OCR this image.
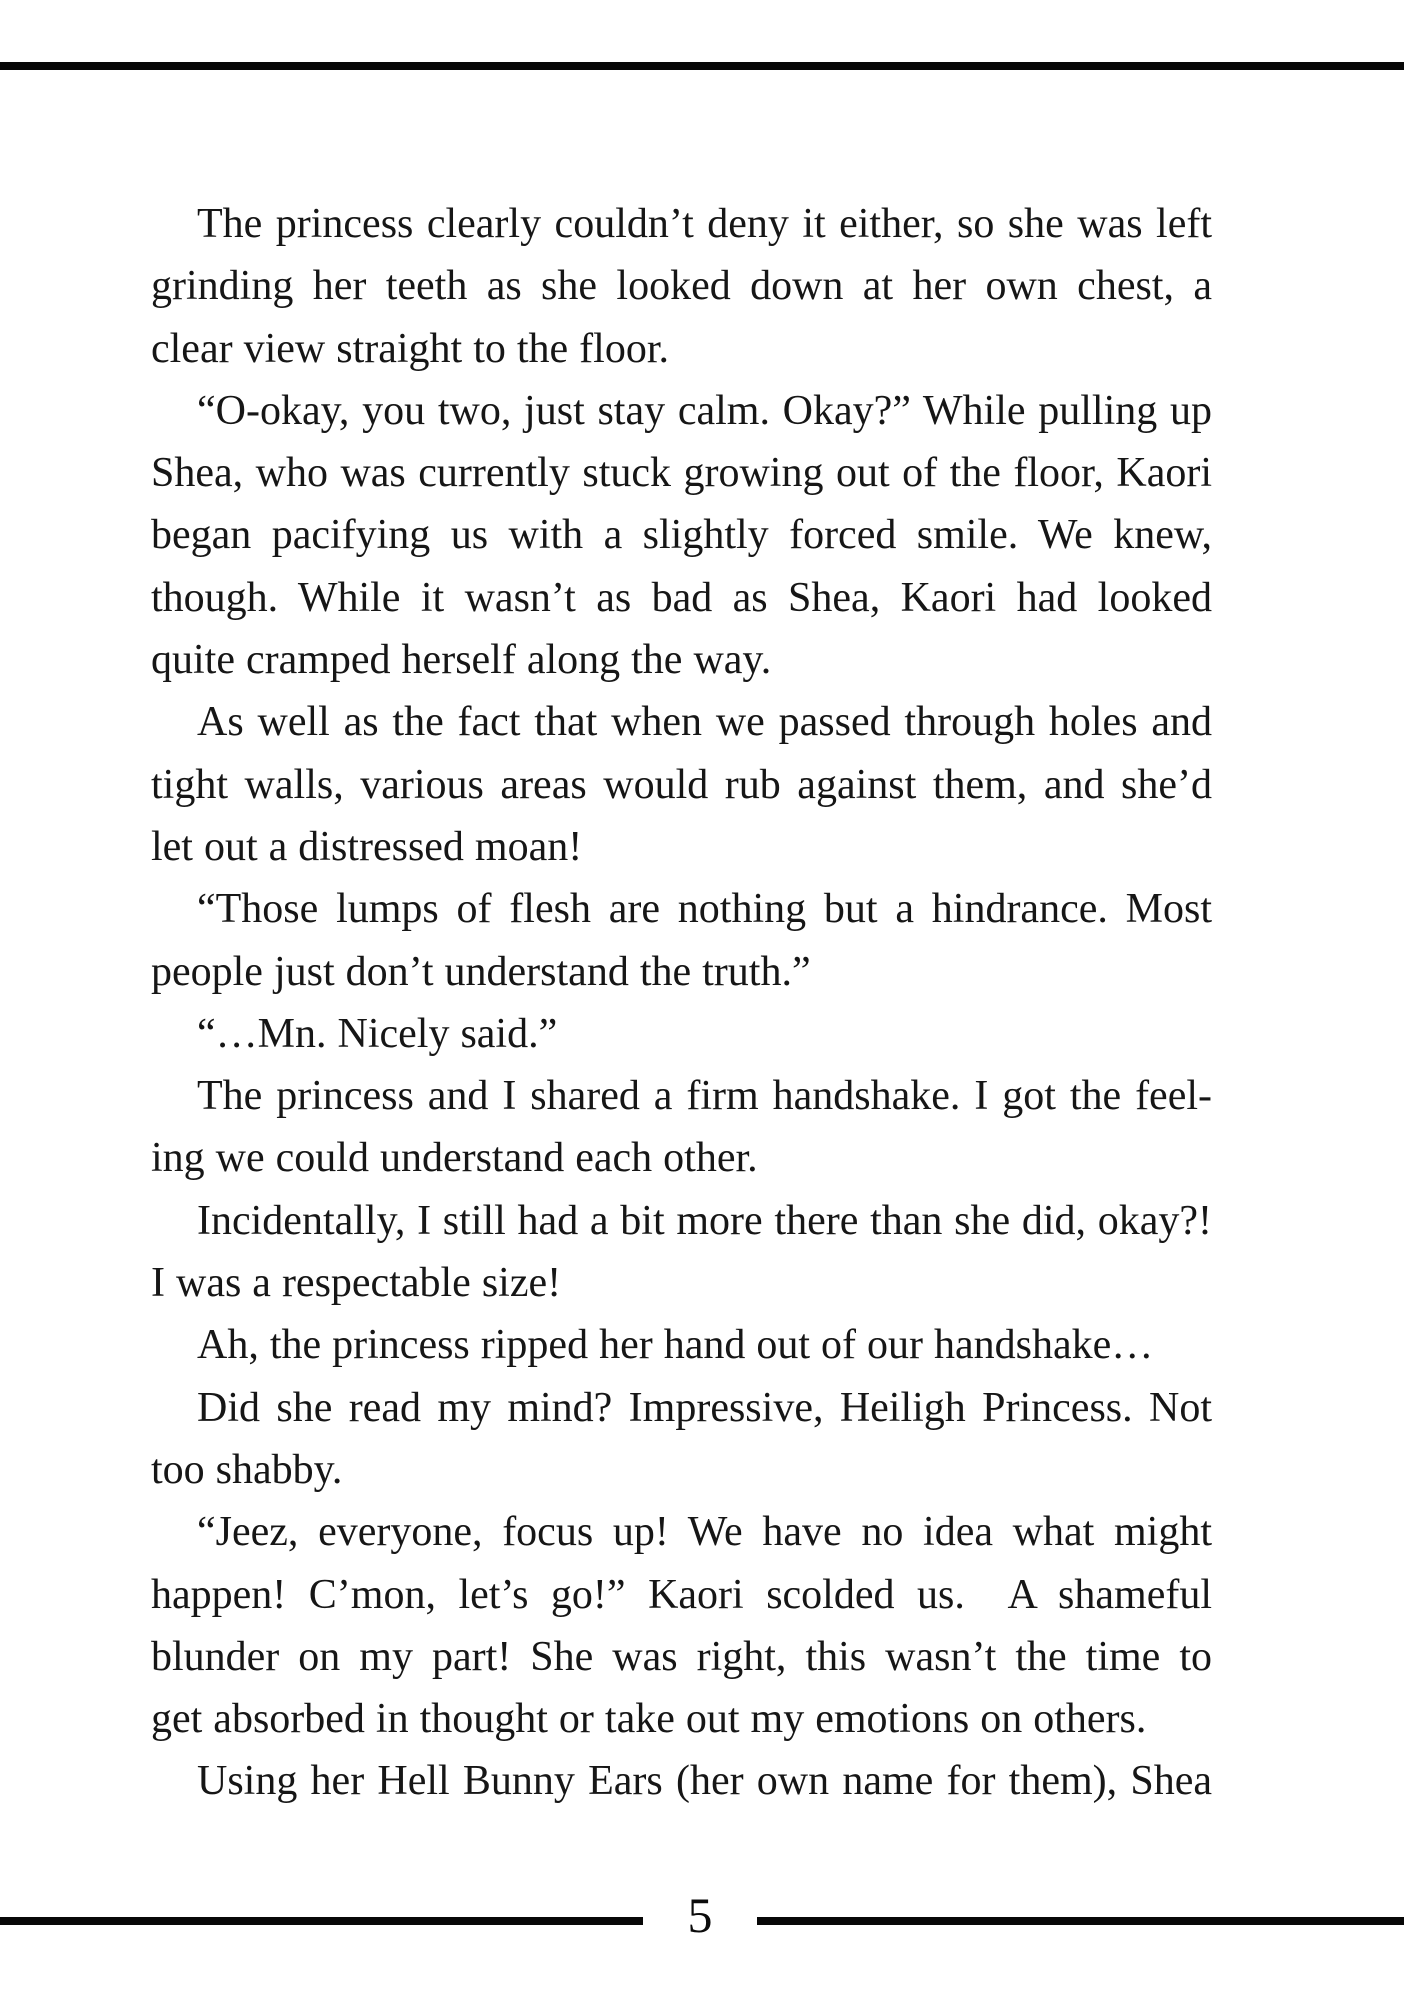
The princess clearly couldn’t deny it either, so she was left
grinding her teeth as she looked down at her own chest, a
clear view straight to the floor.
“O-okay, you two, just stay calm. Okay?” While pulling up
Shea, who was currently stuck growing out of the floor, Kaori
began pacifying us with a slightly forced smile. We knew,
though. While it wasn’t as bad as Shea, Kaori had looked
quite cramped herself along the way.
As well as the fact that when we passed through holes and
tight walls, various areas would rub against them, and she’d
let out a distressed moan!
“Those lumps of flesh are nothing but a hindrance. Most
people just don’t understand the truth.”
“…Mn. Nicely said.”
The princess and I shared a firm handshake. I got the feel-
ing we could understand each other.
Incidentally, I still had a bit more there than she did, okay?!
I was a respectable size!
Ah, the princess ripped her hand out of our handshake…
Did she read my mind? Impressive, Heiligh Princess. Not
too shabby.
“Jeez, everyone, focus up! We have no idea what might
happen! C’mon, let’s go!” Kaori scolded us.  A shameful
blunder on my part! She was right, this wasn’t the time to
get absorbed in thought or take out my emotions on others.
Using her Hell Bunny Ears (her own name for them), Shea
5
